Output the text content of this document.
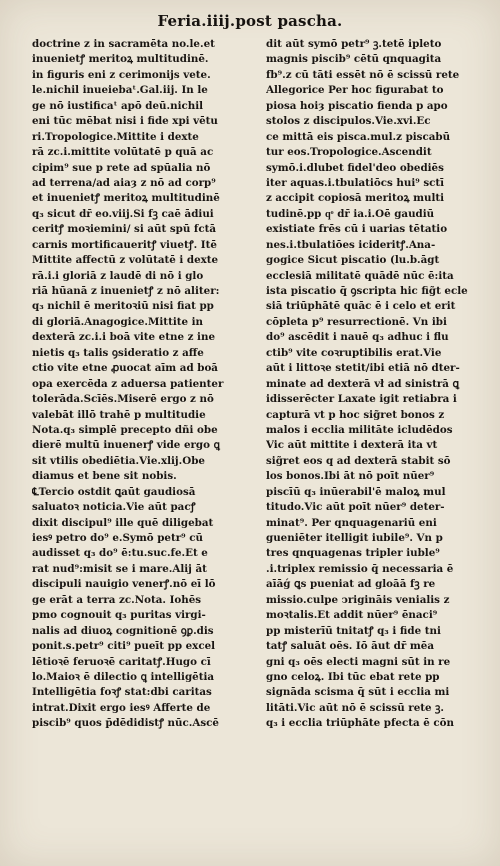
Feria.iiij.post pascha.
doctrine z in sacramēta no.le.et
inuenietꝭ meritoꝝ multitudinē.
in figuris eni z cerimonijs vete.
le.nichil inueiebaᵗ.Gal.iij. In le
ge nō iustificaᵗ apō deū.nichil
eni tūc mēbat nisi i fide xpi vētu
ri.Tropologice.Mittite i dexte
rā zc.i.mittite volūtatē p quā ac
cipim⁹ sue p rete ad spūalia nō
ad terrena/ad aiaȝ z nō ad corp⁹
et inuenietꝭ meritoꝝ multitudinē
q₃ sicut dr̄ eo.viij.Si fꝫ caē ādiui
ceritꝭ moꝛiemini/ si aūt spū fctā
carnis mortificaueritꝭ viuetꝭ. Itē
Mittite affectū z volūtatē i dexte
rā.i.i gloriā z laudē di nō i glo
riā hūanā z inuenietꝭ z nō aliter:
q₃ nichil ē meritoꝛiū nisi fiat pp
di gloriā.Anagogice.Mittite in
dexterā zc.i.i boā vite etne z ine
nietis q₃ talis ꝯsideratio z affe
ctio vite etne ꝓuocat aīm ad boā
opa exercēda z aduersa patienter
tolerāda.Scīēs.Miserē ergo z nō
valebāt illō trahē p multitudie
Nota.q₃ simplē precepto dñi obe
dierē multū inuenerꝭ vide ergo ꝗ
sit vtilis obediētia.Vie.xlij.Obe
diamus et bene sit nobis.
℄Tercio ostdit ꝗaūt gaudiosā
saluatoꝛ noticia.Vie aūt pacꝭ
dixit discipul⁹ ille quē diligebat
iesꝰ petro do⁹ e.Symō petr⁹ cū
audisset q₃ do⁹ ē:tu.suc.fe.Et e
rat nud⁹:misit se i mare.Alij āt
discipuli nauigio venerꝭ.nō eī lō
ge erāt a terra zc.Nota. Iohēs
pmo cognouit q₃ puritas virgi-
nalis ad diuoꝝ cognitionē ꝯꝑ.dis
ponit.s.petr⁹ citi⁹ pueīt pp excel
lētioꝛē feruoꝛē caritatꝭ.Hugo cī
lo.Maioꝛ ē dilectio ꝗ intelligētia
Intelligētia foꝛꝭ stat:dbi caritas
intrat.Dixit ergo iesꝰ Afferte de
piscib⁹ quos p̄dēdidistꝭ nūc.Ascē
dit aūt symō petr⁹ ꝫ.tetē ipleto
magnis piscib⁹ cētū qnquagita
fb⁹.z cū tāti essēt nō ē scissū rete
Allegorice Per hoc figurabat to
piosa hoiȝ piscatio fienda p apo
stolos z discipulos.Vie.xvi.Ec
ce mittā eis pisca.mul.z piscabū
tur eos.Tropologice.Ascendit
symō.i.dlubet fidel'deo obediēs
iter aquas.i.tbulatiōcs hui⁹ sctī
z accipit copiosā meritoꝝ multi
tudinē.pp qͦ dr̄ ia.i.Oē gaudiū
existiate frēs cū i uarias tētatio
nes.i.tbulatiōes icideritꝭ.Ana-
gogice Sicut piscatio (lu.b.āgt
ecclesiā militatē quādē nūc ē:ita
ista piscatio q̄ ꝯscripta hic fig̃t ecle
siā triūphātē quāc ē i celo et erit
cōpleta p⁹ resurrectionē. Vn ibi
do⁹ ascēdit i nauē q₃ adhuc i flu
ctib⁹ vite coꝛruptibilis erat.Vie
aūt i littoꝛe stetit/ibi etiā nō dter-
minate ad dexterā vł ad sinistrā ꝗ
idisserēcter Laxate igit retiabra i
capturā vt p hoc sig̃ret bonos z
malos i ecclia militāte icludēdos
Vic aūt mittite i dexterā ita vt
sig̃ret eos q ad dexterā stabit sō
los bonos.Ibi āt nō poīt nūer⁹
piscīū q₃ inūerabil'ē maloꝝ mul
titudo.Vic aūt poīt nūer⁹ deter-
minat⁹. Per qnquagenariū eni
gueniēter itelligit iubile⁹. Vn p
tres qnquagenas tripler iuble⁹
.i.triplex remissio q̄ necessaria ē
aīāǵ ꝗs pueniat ad gloāā fꝫ re
missio.culpe ↄrigināis venialis z
moꝛtalis.Et addit nūer⁹ ēnaci⁹
pp misterīū tnitatꝭ q₃ i fide tni
tatꝭ saluāt oēs. Iō āut dr̄ mēa
gni q₃ oēs electi magni sūt in re
gno celoꝝ. Ibi tūc ebat rete pp
signāda scisma q̄ sūt i ecclia mi
litāti.Vic aūt nō ē scissū rete ꝫ.
q₃ i ecclia triūphāte pfecta ē cōn
